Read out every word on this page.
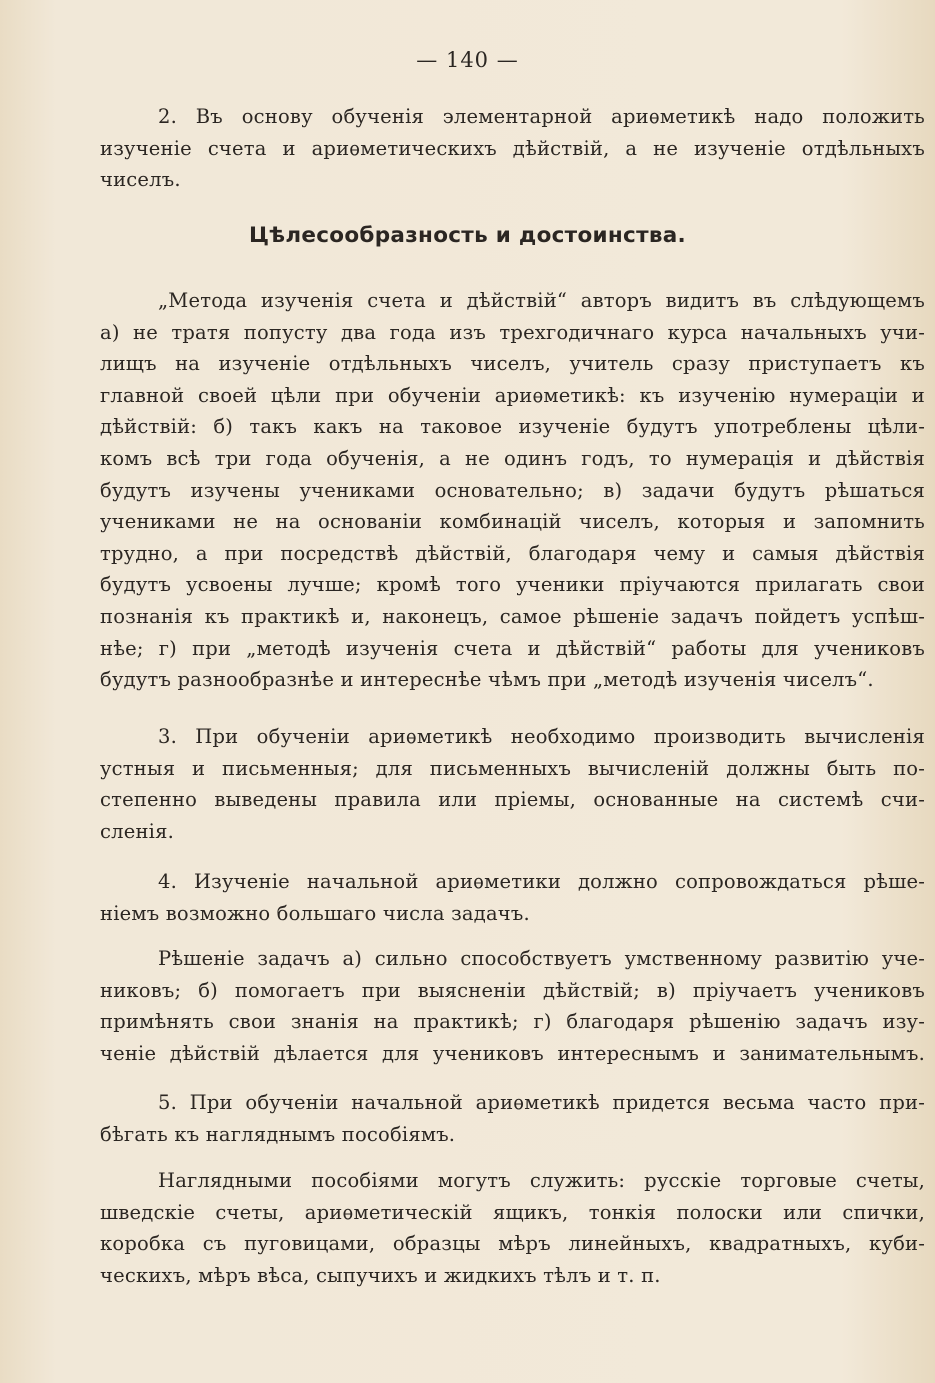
— 140 —
2. Въ основу обученія элементарной ариѳметикѣ надо положить
изученіе счета и ариѳметическихъ дѣйствій, а не изученіе отдѣльныхъ
чиселъ.
Цѣлесообразность и достоинства.
„Метода изученія счета и дѣйствій“ авторъ видитъ въ слѣдующемъ
а) не тратя попусту два года изъ трехгодичнаго курса начальныхъ учи-
лищъ на изученіе отдѣльныхъ чиселъ, учитель сразу приступаетъ къ
главной своей цѣли при обученіи ариѳметикѣ: къ изученію нумераціи и
дѣйствій: б) такъ какъ на таковое изученіе будутъ употреблены цѣли-
комъ всѣ три года обученія, а не одинъ годъ, то нумерація и дѣйствія
будутъ изучены учениками основательно; в) задачи будутъ рѣшаться
учениками не на основаніи комбинацій чиселъ, которыя и запомнить
трудно, а при посредствѣ дѣйствій, благодаря чему и самыя дѣйствія
будутъ усвоены лучше; кромѣ того ученики пріучаются прилагать свои
познанія къ практикѣ и, наконецъ, самое рѣшеніе задачъ пойдетъ успѣш-
нѣе; г) при „методѣ изученія счета и дѣйствій“ работы для учениковъ
будутъ разнообразнѣе и интереснѣе чѣмъ при „методѣ изученія чиселъ“.
3. При обученіи ариѳметикѣ необходимо производить вычисленія
устныя и письменныя; для письменныхъ вычисленій должны быть по-
степенно выведены правила или пріемы, основанные на системѣ счи-
сленія.
4. Изученіе начальной ариѳметики должно сопровождаться рѣше-
ніемъ возможно большаго числа задачъ.
Рѣшеніе задачъ а) сильно способствуетъ умственному развитію уче-
никовъ; б) помогаетъ при выясненіи дѣйствій; в) пріучаетъ учениковъ
примѣнять свои знанія на практикѣ; г) благодаря рѣшенію задачъ изу-
ченіе дѣйствій дѣлается для учениковъ интереснымъ и занимательнымъ.
5. При обученіи начальной ариѳметикѣ придется весьма часто при-
бѣгать къ нагляднымъ пособіямъ.
Наглядными пособіями могутъ служить: русскіе торговые счеты,
шведскіе счеты, ариѳметическій ящикъ, тонкія полоски или спички,
коробка съ пуговицами, образцы мѣръ линейныхъ, квадратныхъ, куби-
ческихъ, мѣръ вѣса, сыпучихъ и жидкихъ тѣлъ и т. п.
